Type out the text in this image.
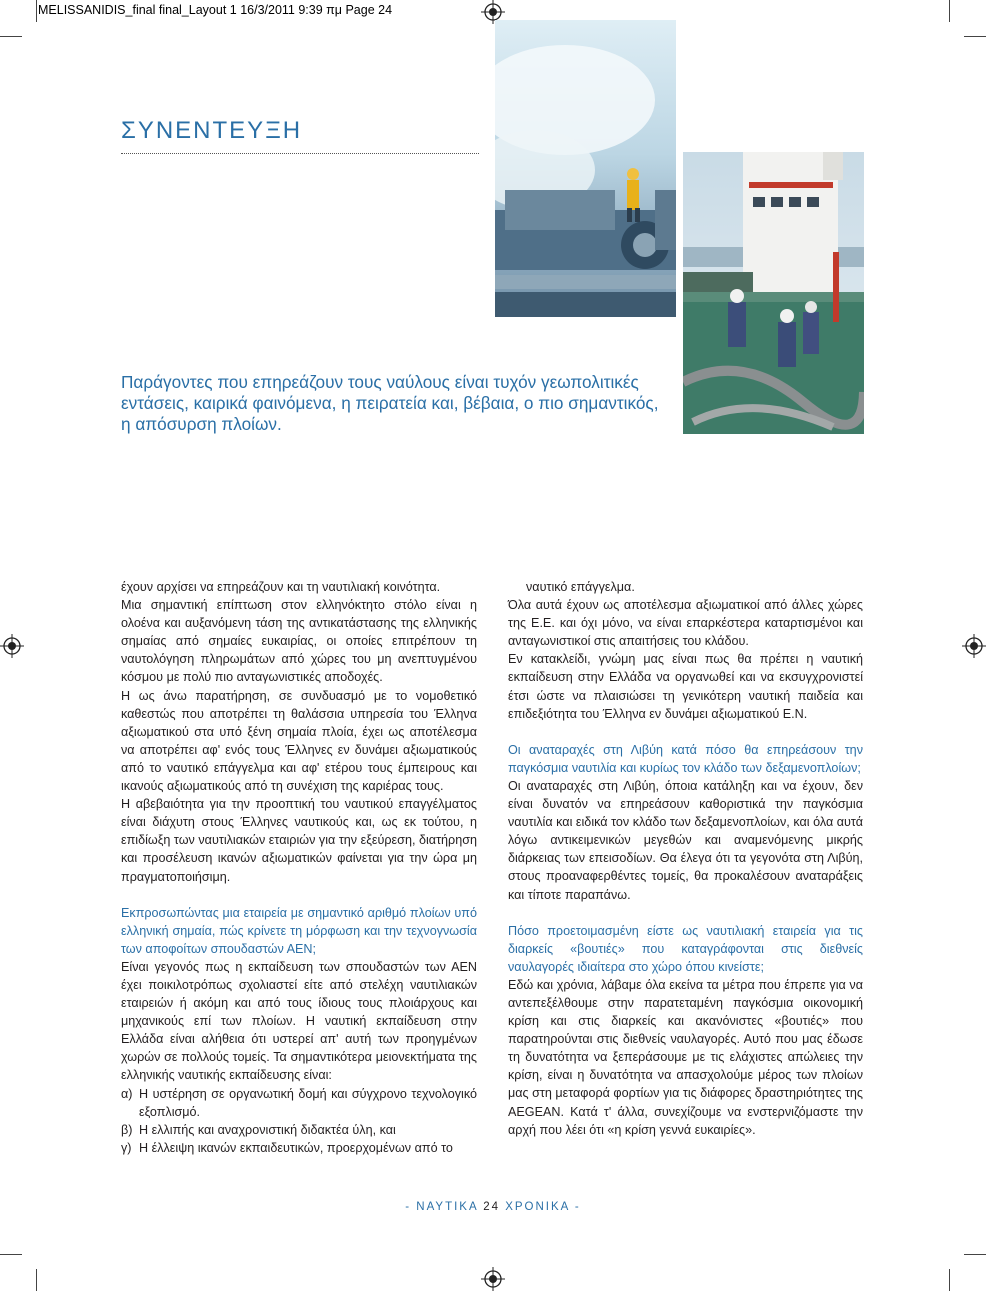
MELISSANIDIS_final final_Layout 1 16/3/2011 9:39 πμ Page 24
ΣΥΝΕΝΤΕΥΞΗ
Παράγοντες που επηρεάζουν τους ναύλους είναι τυχόν γεωπολιτικές εντάσεις, καιρικά φαινόμενα, η πειρατεία και, βέβαια, ο πιο σημαντικός, η απόσυρση πλοίων.

έχουν αρχίσει να επηρεάζουν και τη ναυτιλιακή κοινότητα.

Μια σημαντική επίπτωση στον ελληνόκτητο στόλο είναι η ολοένα και αυξανόμενη τάση της αντικατάστασης της ελληνικής σημαίας από σημαίες ευκαιρίας, οι οποίες επιτρέπουν τη ναυτολόγηση πληρωμάτων από χώρες του μη ανεπτυγμένου κόσμου με πολύ πιο ανταγωνιστικές αποδοχές.

Η ως άνω παρατήρηση, σε συνδυασμό με το νομοθετικό καθεστώς που αποτρέπει τη θαλάσσια υπηρεσία του Έλληνα αξιωματικού στα υπό ξένη σημαία πλοία, έχει ως αποτέλεσμα να αποτρέπει αφ' ενός τους Έλληνες εν δυνάμει αξιωματικούς από το ναυτικό επάγγελμα και αφ' ετέρου τους έμπειρους και ικανούς αξιωματικούς από τη συνέχιση της καριέρας τους.

Η αβεβαιότητα για την προοπτική του ναυτικού επαγγέλματος είναι διάχυτη στους Έλληνες ναυτικούς και, ως εκ τούτου, η επιδίωξη των ναυτιλιακών εταιριών για την εξεύρεση, διατήρηση και προσέλευση ικανών αξιωματικών φαίνεται για την ώρα μη πραγματοποιήσιμη.

Εκπροσωπώντας μια εταιρεία με σημαντικό αριθμό πλοίων υπό ελληνική σημαία, πώς κρίνετε τη μόρφωση και την τεχνογνωσία των αποφοίτων σπουδαστών ΑΕΝ;

Είναι γεγονός πως η εκπαίδευση των σπουδαστών των ΑΕΝ έχει ποικιλοτρόπως σχολιαστεί είτε από στελέχη ναυτιλιακών εταιρειών ή ακόμη και από τους ίδιους τους πλοιάρχους και μηχανικούς επί των πλοίων. Η ναυτική εκπαίδευση στην Ελλάδα είναι αλήθεια ότι υστερεί απ' αυτή των προηγμένων χωρών σε πολλούς τομείς. Τα σημαντικότερα μειονεκτήματα της ελληνικής ναυτικής εκπαίδευσης είναι:

α) Η υστέρηση σε οργανωτική δομή και σύγχρονο τεχνολογικό εξοπλισμό.
β) Η ελλιπής και αναχρονιστική διδακτέα ύλη, και
γ) Η έλλειψη ικανών εκπαιδευτικών, προερχομένων από το

ναυτικό επάγγελμα.

Όλα αυτά έχουν ως αποτέλεσμα αξιωματικοί από άλλες χώρες της Ε.Ε. και όχι μόνο, να είναι επαρκέστερα καταρτισμένοι και ανταγωνιστικοί στις απαιτήσεις του κλάδου.

Εν κατακλείδι, γνώμη μας είναι πως θα πρέπει η ναυτική εκπαίδευση στην Ελλάδα να οργανωθεί και να εκσυγχρονιστεί έτσι ώστε να πλαισιώσει τη γενικότερη ναυτική παιδεία και επιδεξιότητα του Έλληνα εν δυνάμει αξιωματικού Ε.Ν.

Οι αναταραχές στη Λιβύη κατά πόσο θα επηρεάσουν την παγκόσμια ναυτιλία και κυρίως τον κλάδο των δεξαμενοπλοίων;

Οι αναταραχές στη Λιβύη, όποια κατάληξη και να έχουν, δεν είναι δυνατόν να επηρεάσουν καθοριστικά την παγκόσμια ναυτιλία και ειδικά τον κλάδο των δεξαμενοπλοίων, και όλα αυτά λόγω αντικειμενικών μεγεθών και αναμενόμενης μικρής διάρκειας των επεισοδίων. Θα έλεγα ότι τα γεγονότα στη Λιβύη, στους προαναφερθέντες τομείς, θα προκαλέσουν αναταράξεις και τίποτε παραπάνω.

Πόσο προετοιμασμένη είστε ως ναυτιλιακή εταιρεία για τις διαρκείς «βουτιές» που καταγράφονται στις διεθνείς ναυλαγορές ιδιαίτερα στο χώρο όπου κινείστε;

Εδώ και χρόνια, λάβαμε όλα εκείνα τα μέτρα που έπρεπε για να αντεπεξέλθουμε στην παρατεταμένη παγκόσμια οικονομική κρίση και στις διαρκείς και ακανόνιστες «βουτιές» που παρατηρούνται στις διεθνείς ναυλαγορές. Αυτό που μας έδωσε τη δυνατότητα να ξεπεράσουμε με τις ελάχιστες απώλειες την κρίση, είναι η δυνατότητα να απασχολούμε μέρος των πλοίων μας στη μεταφορά φορτίων για τις διάφορες δραστηριότητες της AEGEAN. Κατά τ' άλλα, συνεχίζουμε να ενστερνιζόμαστε την αρχή που λέει ότι «η κρίση γεννά ευκαιρίες».

- ΝΑΥΤΙΚΑ 24 ΧΡΟΝΙΚΑ -
